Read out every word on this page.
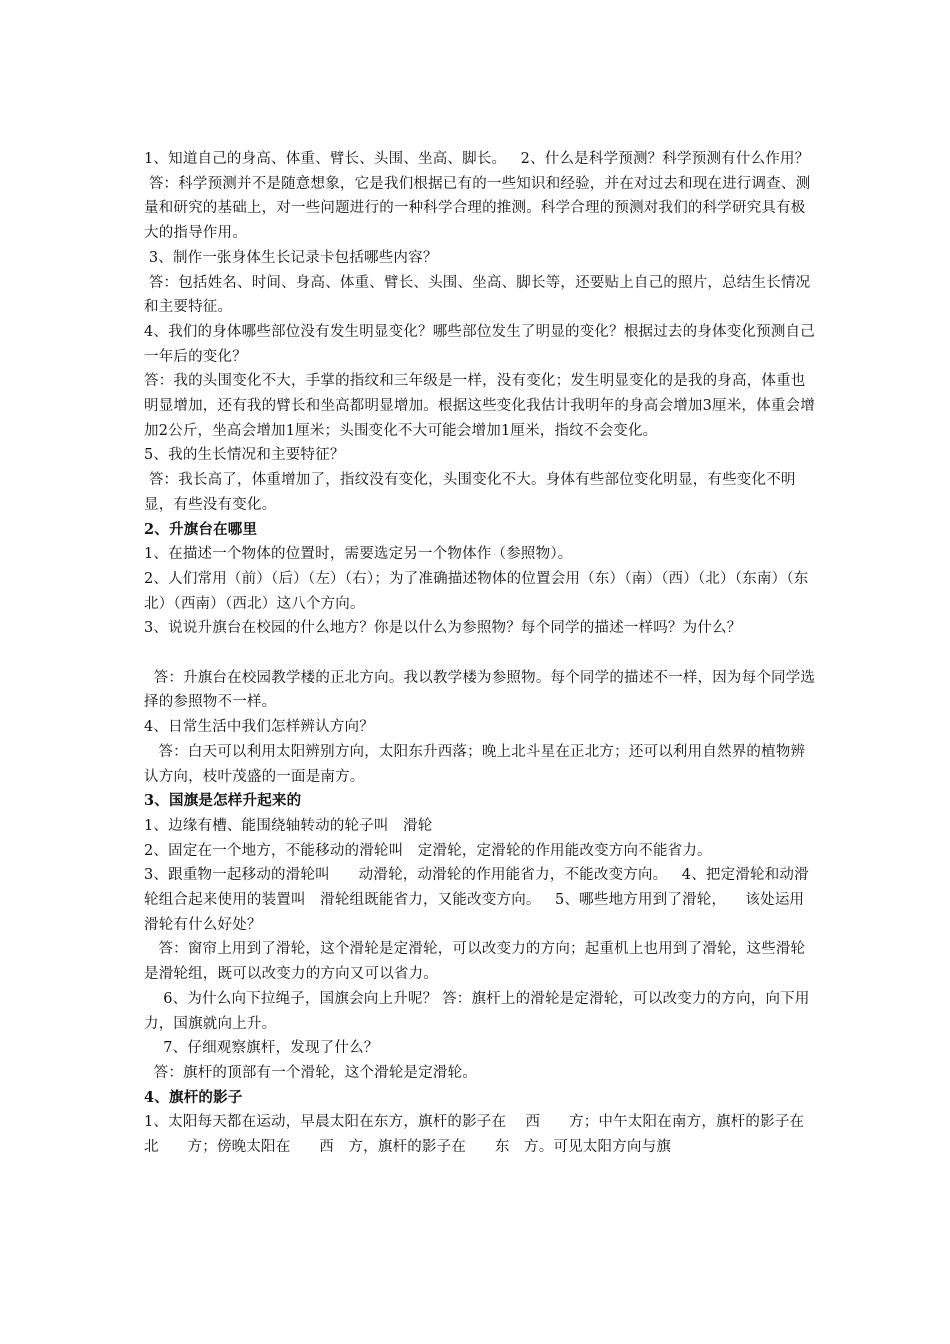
1、知道自己的身高、体重、臂长、头围、坐高、脚长。   2、什么是科学预测？科学预测有什么作用？

答：科学预测并不是随意想象，它是我们根据已有的一些知识和经验，并在对过去和现在进行调查、测量和研究的基础上，对一些问题进行的一种科学合理的推测。科学合理的预测对我们的科学研究具有极大的指导作用。

3、制作一张身体生长记录卡包括哪些内容？

答：包括姓名、时间、身高、体重、臂长、头围、坐高、脚长等，还要贴上自己的照片，总结生长情况和主要特征。

4、我们的身体哪些部位没有发生明显变化？哪些部位发生了明显的变化？根据过去的身体变化预测自己一年后的变化？

答：我的头围变化不大，手掌的指纹和三年级是一样，没有变化；发生明显变化的是我的身高，体重也明显增加，还有我的臂长和坐高都明显增加。根据这些变化我估计我明年的身高会增加3厘米，体重会增加2公斤，坐高会增加1厘米；头围变化不大可能会增加1厘米，指纹不会变化。

5、我的生长情况和主要特征？

答：我长高了，体重增加了，指纹没有变化，头围变化不大。身体有些部位变化明显，有些变化不明显，有些没有变化。

2、升旗台在哪里

1、在描述一个物体的位置时，需要选定另一个物体作（参照物）。

2、人们常用（前）（后）（左）（右）；为了准确描述物体的位置会用（东）（南）（西）（北）（东南）（东北）（西南）（西北）这八个方向。

3、说说升旗台在校园的什么地方？你是以什么为参照物？每个同学的描述一样吗？为什么？

答：升旗台在校园教学楼的正北方向。我以教学楼为参照物。每个同学的描述不一样，因为每个同学选择的参照物不一样。

4、日常生活中我们怎样辨认方向？

答：白天可以利用太阳辨别方向，太阳东升西落；晚上北斗星在正北方；还可以利用自然界的植物辨认方向，枝叶茂盛的一面是南方。

3、国旗是怎样升起来的

1、边缘有槽、能围绕轴转动的轮子叫   滑轮

2、固定在一个地方，不能移动的滑轮叫   定滑轮，定滑轮的作用能改变方向不能省力。

3、跟重物一起移动的滑轮叫      动滑轮，动滑轮的作用能省力，不能改变方向。   4、把定滑轮和动滑轮组合起来使用的装置叫   滑轮组既能省力，又能改变方向。   5、哪些地方用到了滑轮，    该处运用滑轮有什么好处？

答：窗帘上用到了滑轮，这个滑轮是定滑轮，可以改变力的方向；起重机上也用到了滑轮，这些滑轮是滑轮组，既可以改变力的方向又可以省力。

6、为什么向下拉绳子，国旗会向上升呢？ 答：旗杆上的滑轮是定滑轮，可以改变力的方向，向下用力，国旗就向上升。

7、仔细观察旗杆，发现了什么？

答：旗杆的顶部有一个滑轮，这个滑轮是定滑轮。

4、旗杆的影子

1、太阳每天都在运动，早晨太阳在东方，旗杆的影子在    西      方；中午太阳在南方，旗杆的影子在   北      方；傍晚太阳在      西   方，旗杆的影子在      东   方。可见太阳方向与旗
